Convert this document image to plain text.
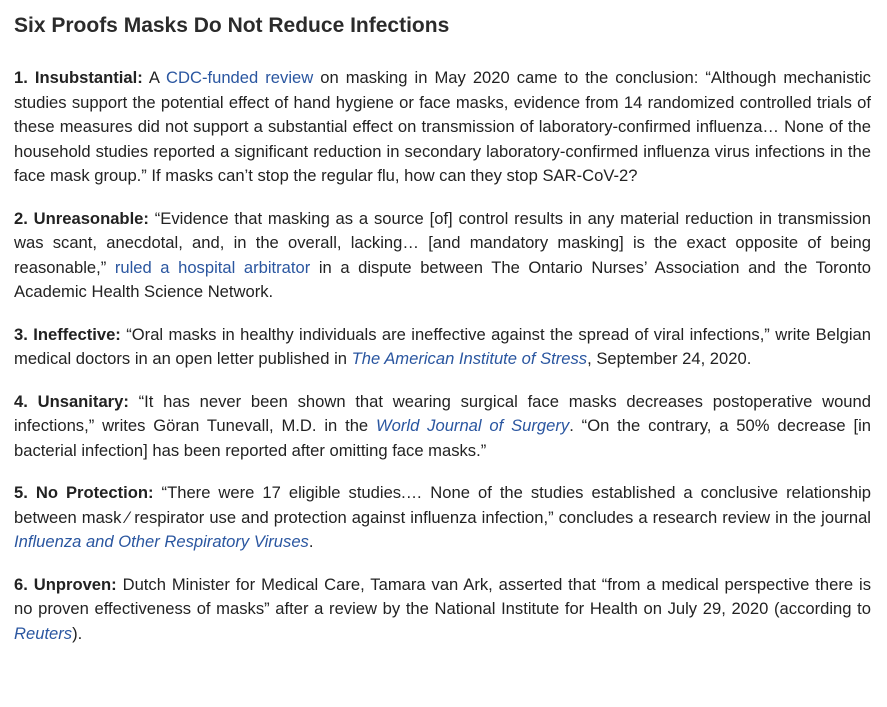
Six Proofs Masks Do Not Reduce Infections

1. Insubstantial: A CDC-funded review on masking in May 2020 came to the conclusion: “Although mechanistic studies support the potential effect of hand hygiene or face masks, evidence from 14 randomized controlled trials of these measures did not support a substantial effect on transmission of laboratory-confirmed influenza… None of the household studies reported a significant reduction in secondary laboratory-confirmed influenza virus infections in the face mask group.” If masks can’t stop the regular flu, how can they stop SAR-CoV-2?

2. Unreasonable: “Evidence that masking as a source [of] control results in any material reduction in transmission was scant, anecdotal, and, in the overall, lacking… [and mandatory masking] is the exact opposite of being reasonable,” ruled a hospital arbitrator in a dispute between The Ontario Nurses’ Association and the Toronto Academic Health Science Network.

3. Ineffective: “Oral masks in healthy individuals are ineffective against the spread of viral infections,” write Belgian medical doctors in an open letter published in The American Institute of Stress, September 24, 2020.

4. Unsanitary: “It has never been shown that wearing surgical face masks decreases postoperative wound infections,” writes Göran Tunevall, M.D. in the World Journal of Surgery. “On the contrary, a 50% decrease [in bacterial infection] has been reported after omitting face masks.”

5. No Protection: “There were 17 eligible studies.… None of the studies established a conclusive relationship between mask ⁄ respirator use and protection against influenza infection,” concludes a research review in the journal Influenza and Other Respiratory Viruses.

6. Unproven: Dutch Minister for Medical Care, Tamara van Ark, asserted that “from a medical perspective there is no proven effectiveness of masks” after a review by the National Institute for Health on July 29, 2020 (according to Reuters).
